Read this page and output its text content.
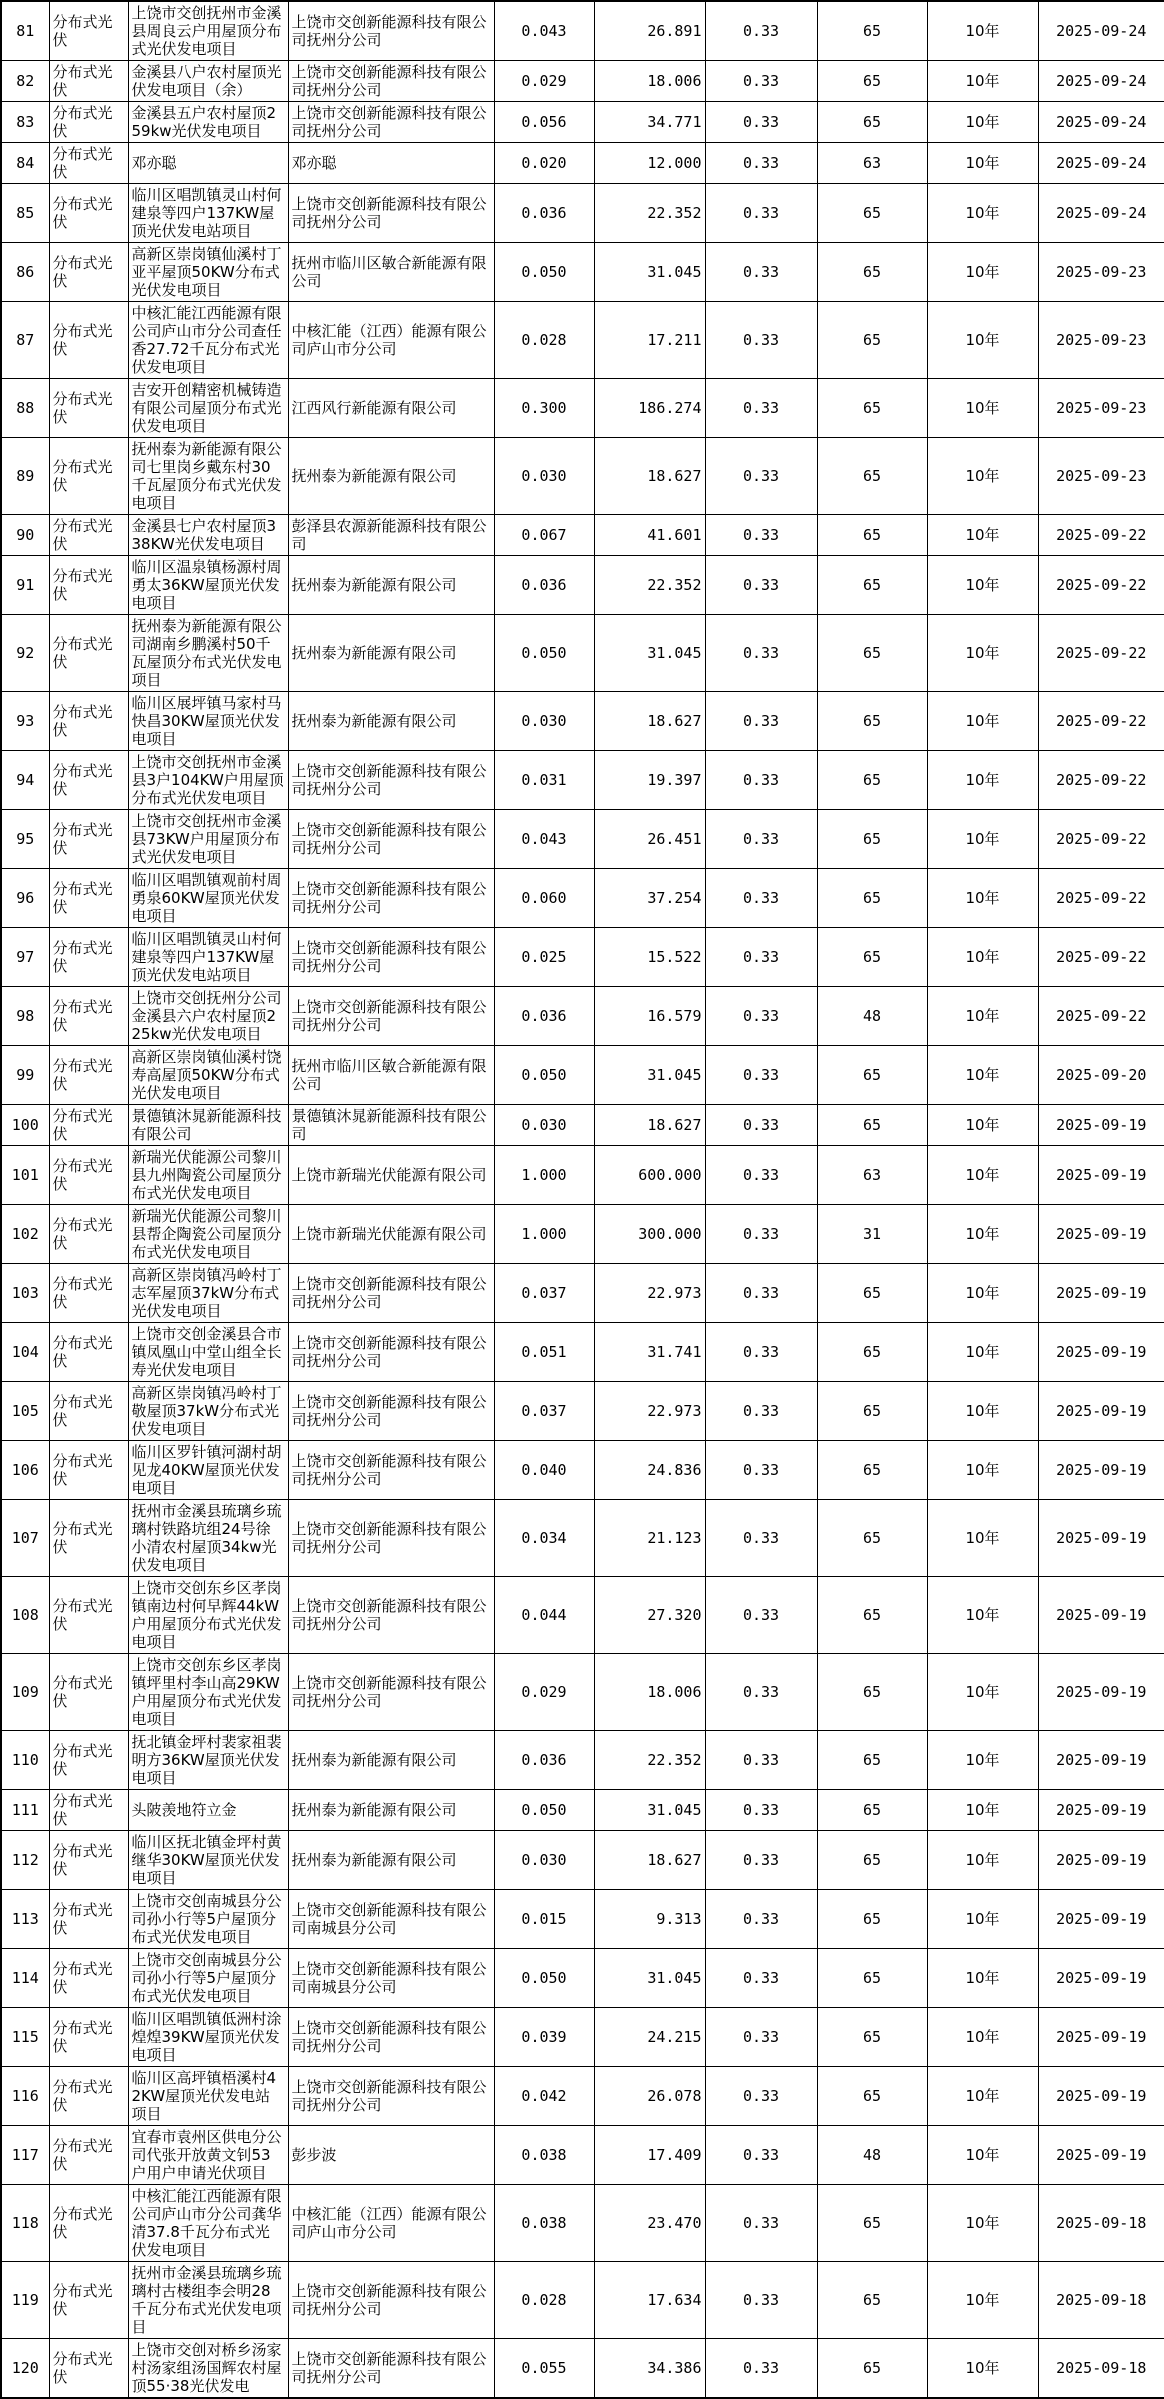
81	分布式光伏	上饶市交创抚州市金溪县周良云户用屋顶分布式光伏发电项目	上饶市交创新能源科技有限公司抚州分公司	0.043	26.891	0.33	65	10年	2025-09-24
82	分布式光伏	金溪县八户农村屋顶光伏发电项目（余）	上饶市交创新能源科技有限公司抚州分公司	0.029	18.006	0.33	65	10年	2025-09-24
83	分布式光伏	金溪县五户农村屋顶259kw光伏发电项目	上饶市交创新能源科技有限公司抚州分公司	0.056	34.771	0.33	65	10年	2025-09-24
84	分布式光伏	邓亦聪	邓亦聪	0.020	12.000	0.33	63	10年	2025-09-24
85	分布式光伏	临川区唱凯镇灵山村何建泉等四户137KW屋顶光伏发电站项目	上饶市交创新能源科技有限公司抚州分公司	0.036	22.352	0.33	65	10年	2025-09-24
86	分布式光伏	高新区崇岗镇仙溪村丁亚平屋顶50KW分布式光伏发电项目	抚州市临川区敏合新能源有限公司	0.050	31.045	0.33	65	10年	2025-09-23
87	分布式光伏	中核汇能江西能源有限公司庐山市分公司查任香27.72千瓦分布式光伏发电项目	中核汇能（江西）能源有限公司庐山市分公司	0.028	17.211	0.33	65	10年	2025-09-23
88	分布式光伏	吉安开创精密机械铸造有限公司屋顶分布式光伏发电项目	江西风行新能源有限公司	0.300	186.274	0.33	65	10年	2025-09-23
89	分布式光伏	抚州泰为新能源有限公司七里岗乡戴东村30千瓦屋顶分布式光伏发电项目	抚州泰为新能源有限公司	0.030	18.627	0.33	65	10年	2025-09-23
90	分布式光伏	金溪县七户农村屋顶338KW光伏发电项目	彭泽县农源新能源科技有限公司	0.067	41.601	0.33	65	10年	2025-09-22
91	分布式光伏	临川区温泉镇杨源村周勇太36KW屋顶光伏发电项目	抚州泰为新能源有限公司	0.036	22.352	0.33	65	10年	2025-09-22
92	分布式光伏	抚州泰为新能源有限公司湖南乡鹏溪村50千瓦屋顶分布式光伏发电项目	抚州泰为新能源有限公司	0.050	31.045	0.33	65	10年	2025-09-22
93	分布式光伏	临川区展坪镇马家村马快昌30KW屋顶光伏发电项目	抚州泰为新能源有限公司	0.030	18.627	0.33	65	10年	2025-09-22
94	分布式光伏	上饶市交创抚州市金溪县3户104KW户用屋顶分布式光伏发电项目	上饶市交创新能源科技有限公司抚州分公司	0.031	19.397	0.33	65	10年	2025-09-22
95	分布式光伏	上饶市交创抚州市金溪县73KW户用屋顶分布式光伏发电项目	上饶市交创新能源科技有限公司抚州分公司	0.043	26.451	0.33	65	10年	2025-09-22
96	分布式光伏	临川区唱凯镇观前村周勇泉60KW屋顶光伏发电项目	上饶市交创新能源科技有限公司抚州分公司	0.060	37.254	0.33	65	10年	2025-09-22
97	分布式光伏	临川区唱凯镇灵山村何建泉等四户137KW屋顶光伏发电站项目	上饶市交创新能源科技有限公司抚州分公司	0.025	15.522	0.33	65	10年	2025-09-22
98	分布式光伏	上饶市交创抚州分公司金溪县六户农村屋顶225kw光伏发电项目	上饶市交创新能源科技有限公司抚州分公司	0.036	16.579	0.33	48	10年	2025-09-22
99	分布式光伏	高新区崇岗镇仙溪村饶寿高屋顶50KW分布式光伏发电项目	抚州市临川区敏合新能源有限公司	0.050	31.045	0.33	65	10年	2025-09-20
100	分布式光伏	景德镇沐晁新能源科技有限公司	景德镇沐晁新能源科技有限公司	0.030	18.627	0.33	65	10年	2025-09-19
101	分布式光伏	新瑞光伏能源公司黎川县九州陶瓷公司屋顶分布式光伏发电项目	上饶市新瑞光伏能源有限公司	1.000	600.000	0.33	63	10年	2025-09-19
102	分布式光伏	新瑞光伏能源公司黎川县帮企陶瓷公司屋顶分布式光伏发电项目	上饶市新瑞光伏能源有限公司	1.000	300.000	0.33	31	10年	2025-09-19
103	分布式光伏	高新区崇岗镇冯岭村丁志军屋顶37kW分布式光伏发电项目	上饶市交创新能源科技有限公司抚州分公司	0.037	22.973	0.33	65	10年	2025-09-19
104	分布式光伏	上饶市交创金溪县合市镇凤凰山中堂山组全长寿光伏发电项目	上饶市交创新能源科技有限公司抚州分公司	0.051	31.741	0.33	65	10年	2025-09-19
105	分布式光伏	高新区崇岗镇冯岭村丁敬屋顶37kW分布式光伏发电项目	上饶市交创新能源科技有限公司抚州分公司	0.037	22.973	0.33	65	10年	2025-09-19
106	分布式光伏	临川区罗针镇河湖村胡见龙40KW屋顶光伏发电项目	上饶市交创新能源科技有限公司抚州分公司	0.040	24.836	0.33	65	10年	2025-09-19
107	分布式光伏	抚州市金溪县琉璃乡琉璃村铁路坑组24号徐小清农村屋顶34kw光伏发电项目	上饶市交创新能源科技有限公司抚州分公司	0.034	21.123	0.33	65	10年	2025-09-19
108	分布式光伏	上饶市交创东乡区孝岗镇南边村何早辉44kW户用屋顶分布式光伏发电项目	上饶市交创新能源科技有限公司抚州分公司	0.044	27.320	0.33	65	10年	2025-09-19
109	分布式光伏	上饶市交创东乡区孝岗镇坪里村李山高29KW户用屋顶分布式光伏发电项目	上饶市交创新能源科技有限公司抚州分公司	0.029	18.006	0.33	65	10年	2025-09-19
110	分布式光伏	抚北镇金坪村裴家祖裴明方36KW屋顶光伏发电项目	抚州泰为新能源有限公司	0.036	22.352	0.33	65	10年	2025-09-19
111	分布式光伏	头陂羡地符立金	抚州泰为新能源有限公司	0.050	31.045	0.33	65	10年	2025-09-19
112	分布式光伏	临川区抚北镇金坪村黄继华30KW屋顶光伏发电项目	抚州泰为新能源有限公司	0.030	18.627	0.33	65	10年	2025-09-19
113	分布式光伏	上饶市交创南城县分公司孙小行等5户屋顶分布式光伏发电项目	上饶市交创新能源科技有限公司南城县分公司	0.015	9.313	0.33	65	10年	2025-09-19
114	分布式光伏	上饶市交创南城县分公司孙小行等5户屋顶分布式光伏发电项目	上饶市交创新能源科技有限公司南城县分公司	0.050	31.045	0.33	65	10年	2025-09-19
115	分布式光伏	临川区唱凯镇低洲村涂煌煌39KW屋顶光伏发电项目	上饶市交创新能源科技有限公司抚州分公司	0.039	24.215	0.33	65	10年	2025-09-19
116	分布式光伏	临川区高坪镇梧溪村42KW屋顶光伏发电站项目	上饶市交创新能源科技有限公司抚州分公司	0.042	26.078	0.33	65	10年	2025-09-19
117	分布式光伏	宜春市袁州区供电分公司代张开放黄文钊53户用户申请光伏项目	彭步波	0.038	17.409	0.33	48	10年	2025-09-19
118	分布式光伏	中核汇能江西能源有限公司庐山市分公司龚华清37.8千瓦分布式光伏发电项目	中核汇能（江西）能源有限公司庐山市分公司	0.038	23.470	0.33	65	10年	2025-09-18
119	分布式光伏	抚州市金溪县琉璃乡琉璃村古楼组李会明28千瓦分布式光伏发电项目	上饶市交创新能源科技有限公司抚州分公司	0.028	17.634	0.33	65	10年	2025-09-18
120	分布式光伏	上饶市交创对桥乡汤家村汤家组汤国辉农村屋顶55·38光伏发电	上饶市交创新能源科技有限公司抚州分公司	0.055	34.386	0.33	65	10年	2025-09-18
